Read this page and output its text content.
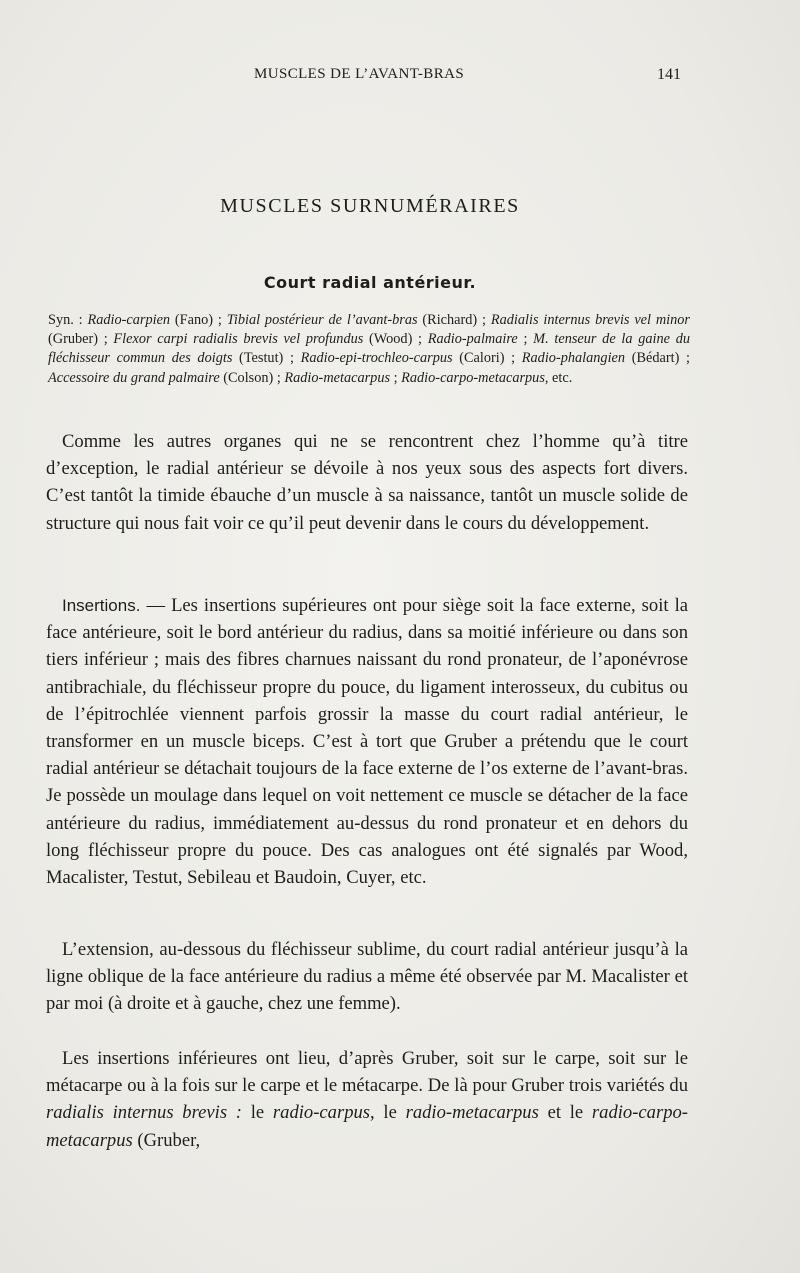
MUSCLES DE L’AVANT-BRAS	141
MUSCLES SURNUMÉRAIRES
Court radial antérieur.
Syn. : Radio-carpien (Fano) ; Tibial postérieur de l’avant-bras (Richard) ; Radialis internus brevis vel minor (Gruber) ; Flexor carpi radialis brevis vel profundus (Wood) ; Radio-palmaire ; M. tenseur de la gaine du fléchisseur commun des doigts (Testut) ; Radio-epi-trochleo-carpus (Calori) ; Radio-phalangien (Bédart) ; Accessoire du grand palmaire (Colson) ; Radio-metacarpus ; Radio-carpo-metacarpus, etc.

Comme les autres organes qui ne se rencontrent chez l’homme qu’à titre d’exception, le radial antérieur se dévoile à nos yeux sous des aspects fort divers. C’est tantôt la timide ébauche d’un muscle à sa naissance, tantôt un muscle solide de structure qui nous fait voir ce qu’il peut devenir dans le cours du développement.

Insertions. — Les insertions supérieures ont pour siège soit la face externe, soit la face antérieure, soit le bord antérieur du radius, dans sa moitié inférieure ou dans son tiers inférieur ; mais des fibres charnues naissant du rond pronateur, de l’aponévrose antibrachiale, du fléchisseur propre du pouce, du ligament interosseux, du cubitus ou de l’épitrochlée viennent parfois grossir la masse du court radial antérieur, le transformer en un muscle biceps. C’est à tort que Gruber a prétendu que le court radial antérieur se détachait toujours de la face externe de l’os externe de l’avant-bras. Je possède un moulage dans lequel on voit nettement ce muscle se détacher de la face antérieure du radius, immédiatement au-dessus du rond pronateur et en dehors du long fléchisseur propre du pouce. Des cas analogues ont été signalés par Wood, Macalister, Testut, Sebileau et Baudoin, Cuyer, etc.

L’extension, au-dessous du fléchisseur sublime, du court radial antérieur jusqu’à la ligne oblique de la face antérieure du radius a même été observée par M. Macalister et par moi (à droite et à gauche, chez une femme).

Les insertions inférieures ont lieu, d’après Gruber, soit sur le carpe, soit sur le métacarpe ou à la fois sur le carpe et le métacarpe. De là pour Gruber trois variétés du radialis internus brevis : le radio-carpus, le radio-metacarpus et le radio-carpo-metacarpus (Gruber,
